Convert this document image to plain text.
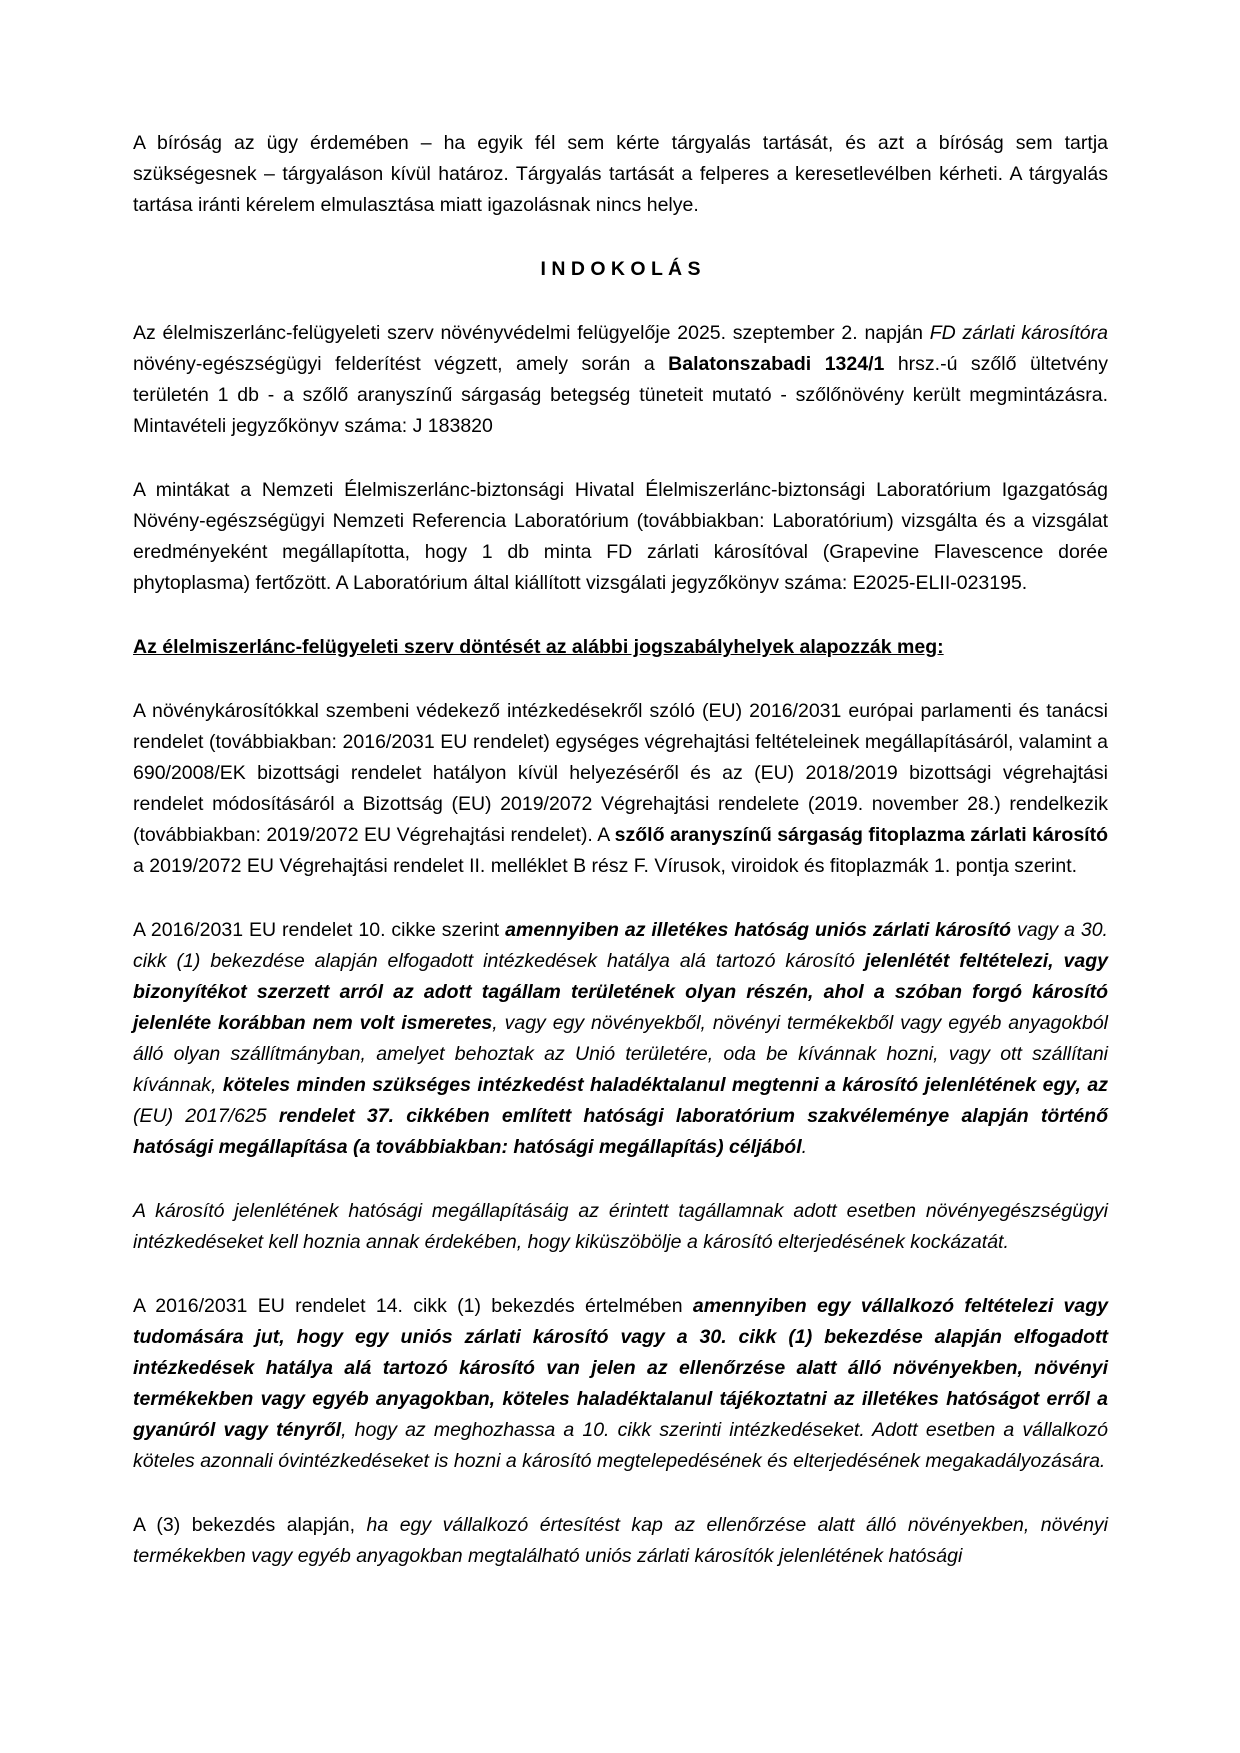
A bíróság az ügy érdemében – ha egyik fél sem kérte tárgyalás tartását, és azt a bíróság sem tartja szükségesnek – tárgyaláson kívül határoz. Tárgyalás tartását a felperes a keresetlevélben kérheti. A tárgyalás tartása iránti kérelem elmulasztása miatt igazolásnak nincs helye.
I N D O K O L Á S
Az élelmiszerlánc-felügyeleti szerv növényvédelmi felügyelője 2025. szeptember 2. napján FD zárlati károsítóra növény-egészségügyi felderítést végzett, amely során a Balatonszabadi 1324/1 hrsz.-ú szőlő ültetvény területén 1 db - a szőlő aranyszínű sárgaság betegség tüneteit mutató - szőlőnövény került megmintázásra. Mintavételi jegyzőkönyv száma: J 183820
A mintákat a Nemzeti Élelmiszerlánc-biztonsági Hivatal Élelmiszerlánc-biztonsági Laboratórium Igazgatóság Növény-egészségügyi Nemzeti Referencia Laboratórium (továbbiakban: Laboratórium) vizsgálta és a vizsgálat eredményeként megállapította, hogy 1 db minta FD zárlati károsítóval (Grapevine Flavescence dorée phytoplasma) fertőzött. A Laboratórium által kiállított vizsgálati jegyzőkönyv száma: E2025-ELII-023195.
Az élelmiszerlánc-felügyeleti szerv döntését az alábbi jogszabályhelyek alapozzák meg:
A növénykárosítókkal szembeni védekező intézkedésekről szóló (EU) 2016/2031 európai parlamenti és tanácsi rendelet (továbbiakban: 2016/2031 EU rendelet) egységes végrehajtási feltételeinek megállapításáról, valamint a 690/2008/EK bizottsági rendelet hatályon kívül helyezéséről és az (EU) 2018/2019 bizottsági végrehajtási rendelet módosításáról a Bizottság (EU) 2019/2072 Végrehajtási rendelete (2019. november 28.) rendelkezik (továbbiakban: 2019/2072 EU Végrehajtási rendelet). A szőlő aranyszínű sárgaság fitoplazma zárlati károsító a 2019/2072 EU Végrehajtási rendelet II. melléklet B rész F. Vírusok, viroidok és fitoplazmák 1. pontja szerint.
A 2016/2031 EU rendelet 10. cikke szerint amennyiben az illetékes hatóság uniós zárlati károsító vagy a 30. cikk (1) bekezdése alapján elfogadott intézkedések hatálya alá tartozó károsító jelenlétét feltételezi, vagy bizonyítékot szerzett arról az adott tagállam területének olyan részén, ahol a szóban forgó károsító jelenléte korábban nem volt ismeretes, vagy egy növényekből, növényi termékekből vagy egyéb anyagokból álló olyan szállítmányban, amelyet behoztak az Unió területére, oda be kívánnak hozni, vagy ott szállítani kívánnak, köteles minden szükséges intézkedést haladéktalanul megtenni a károsító jelenlétének egy, az (EU) 2017/625 rendelet 37. cikkében említett hatósági laboratórium szakvéleménye alapján történő hatósági megállapítása (a továbbiakban: hatósági megállapítás) céljából.
A károsító jelenlétének hatósági megállapításáig az érintett tagállamnak adott esetben növényegészségügyi intézkedéseket kell hoznia annak érdekében, hogy kiküszöbölje a károsító elterjedésének kockázatát.
A 2016/2031 EU rendelet 14. cikk (1) bekezdés értelmében amennyiben egy vállalkozó feltételezi vagy tudomására jut, hogy egy uniós zárlati károsító vagy a 30. cikk (1) bekezdése alapján elfogadott intézkedések hatálya alá tartozó károsító van jelen az ellenőrzése alatt álló növényekben, növényi termékekben vagy egyéb anyagokban, köteles haladéktalanul tájékoztatni az illetékes hatóságot erről a gyanúról vagy tényről, hogy az meghozhassa a 10. cikk szerinti intézkedéseket. Adott esetben a vállalkozó köteles azonnali óvintézkedéseket is hozni a károsító megtelepedésének és elterjedésének megakadályozására.
A (3) bekezdés alapján, ha egy vállalkozó értesítést kap az ellenőrzése alatt álló növényekben, növényi termékekben vagy egyéb anyagokban megtalálható uniós zárlati károsítók jelenlétének hatósági
